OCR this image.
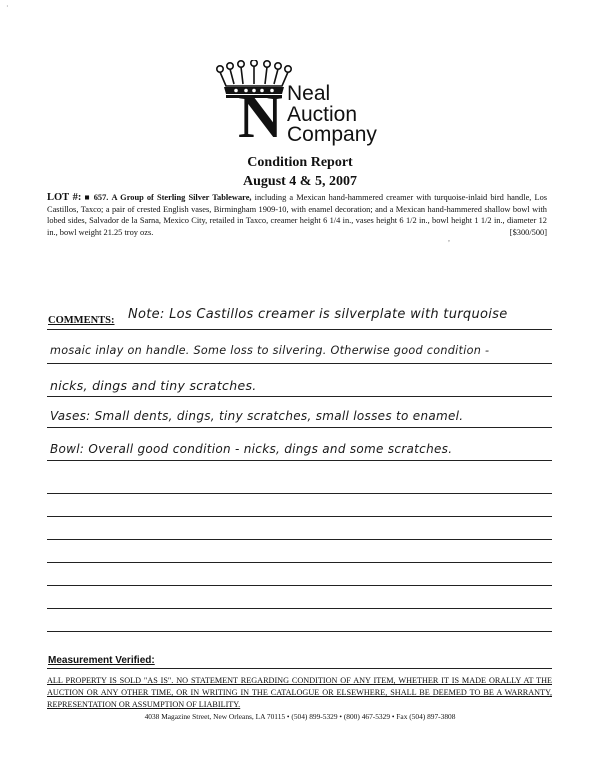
N Neal
Auction
Company
Condition Report
August 4 & 5, 2007
LOT #: ■ 657. A Group of Sterling Silver Tableware, including a Mexican hand-hammered creamer with turquoise-inlaid bird handle, Los Castillos, Taxco; a pair of crested English vases, Birmingham 1909-10, with enamel decoration; and a Mexican hand-hammered shallow bowl with lobed sides, Salvador de la Sarna, Mexico City, retailed in Taxco, creamer height 6 1/4 in., vases height 6 1/2 in., bowl height 1 1/2 in., diameter 12 in., bowl weight 21.25 troy ozs.	[$300/500]
COMMENTS: Note: Los Castillos creamer is silverplate with turquoise
mosaic inlay on handle. Some loss to silvering. Otherwise good condition -
nicks, dings and tiny scratches.
Vases: Small dents, dings, tiny scratches, small losses to enamel.
Bowl: Overall good condition - nicks, dings and some scratches.
Measurement Verified:
ALL PROPERTY IS SOLD "AS IS". NO STATEMENT REGARDING CONDITION OF ANY ITEM, WHETHER IT IS MADE ORALLY AT THE AUCTION OR ANY OTHER TIME, OR IN WRITING IN THE CATALOGUE OR ELSEWHERE, SHALL BE DEEMED TO BE A WARRANTY, REPRESENTATION OR ASSUMPTION OF LIABILITY.
4038 Magazine Street, New Orleans, LA 70115 • (504) 899-5329 • (800) 467-5329 • Fax (504) 897-3808
·
,
